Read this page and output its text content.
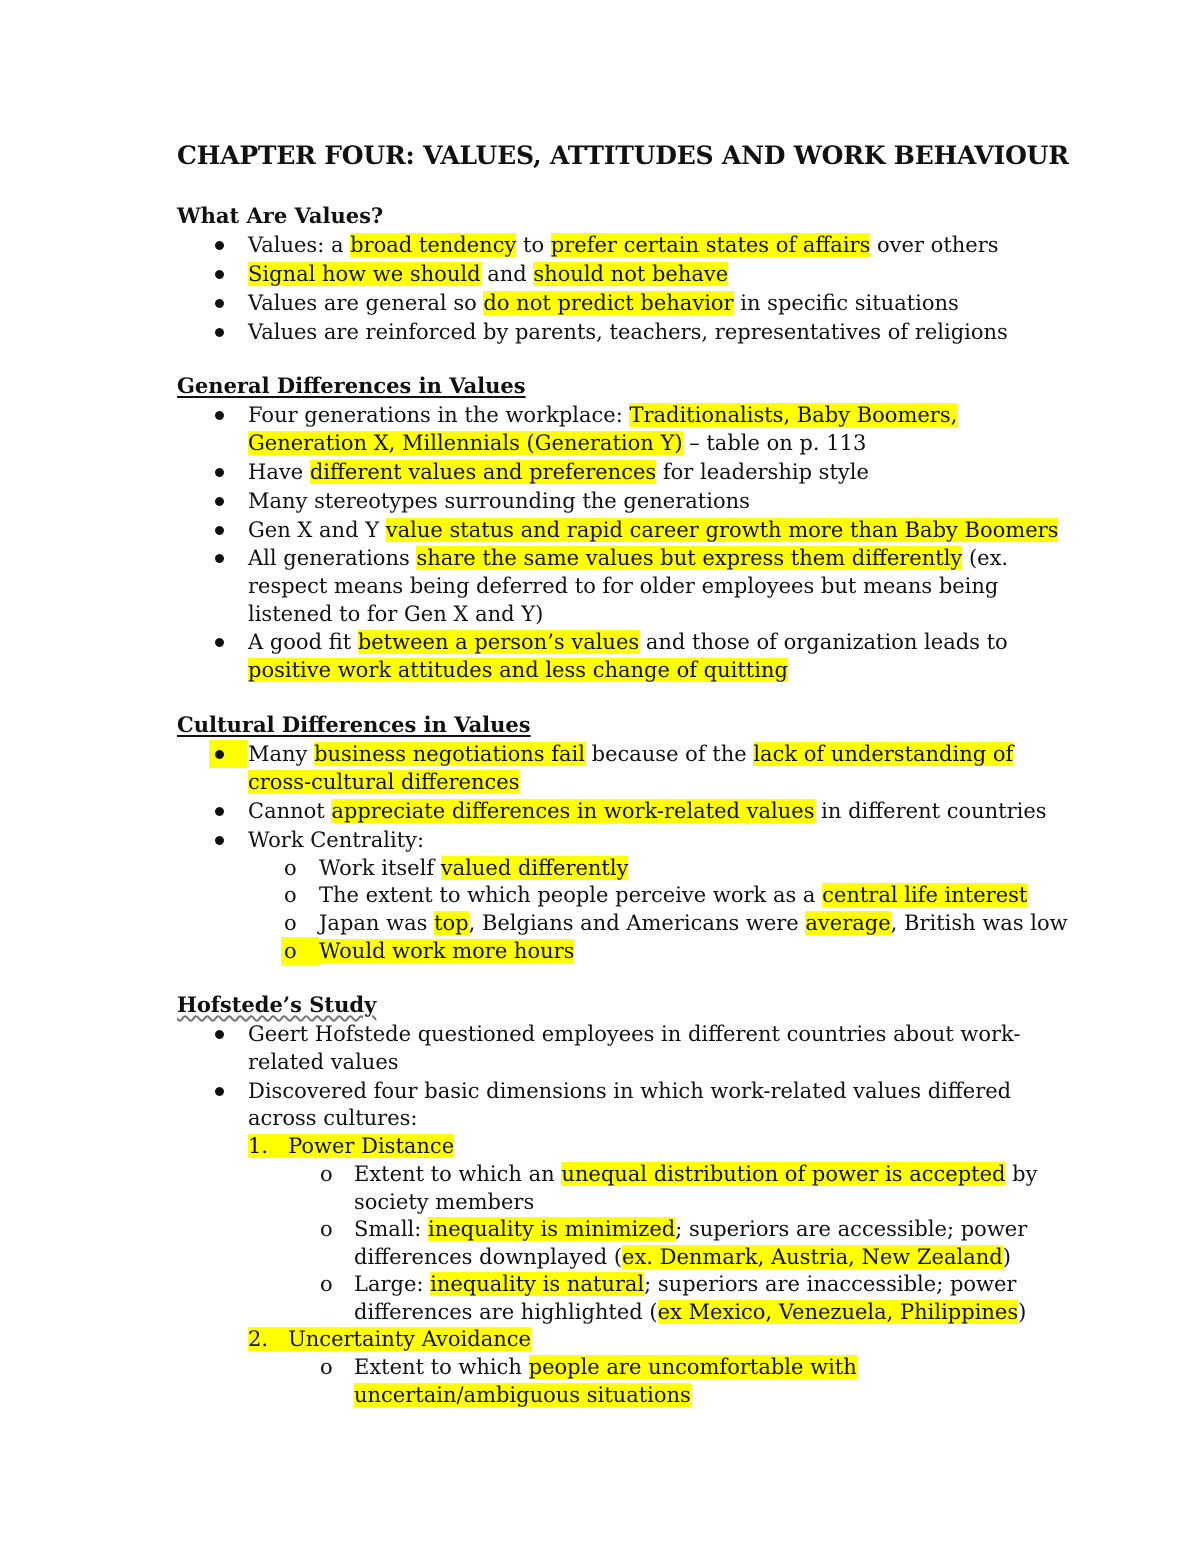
CHAPTER FOUR: VALUES, ATTITUDES AND WORK BEHAVIOUR
What Are Values?

Values: a broad tendency to prefer certain states of affairs over others

Signal how we should and should not behave

Values are general so do not predict behavior in specific situations

Values are reinforced by parents, teachers, representatives of religions

General Differences in Values

Four generations in the workplace: Traditionalists, Baby Boomers,

Generation X, Millennials (Generation Y) – table on p. 113

Have different values and preferences for leadership style

Many stereotypes surrounding the generations

Gen X and Y value status and rapid career growth more than Baby Boomers

All generations share the same values but express them differently (ex.

respect means being deferred to for older employees but means being

listened to for Gen X and Y)

A good fit between a person’s values and those of organization leads to

positive work attitudes and less change of quitting

Cultural Differences in Values

Many business negotiations fail because of the lack of understanding of

cross-cultural differences

Cannot appreciate differences in work-related values in different countries

Work Centrality:

o Work itself valued differently

o The extent to which people perceive work as a central life interest

o Japan was top, Belgians and Americans were average, British was low

o Would work more hours

Hofstede’s Study

Geert Hofstede questioned employees in different countries about work-

related values

Discovered four basic dimensions in which work-related values differed

across cultures:

1. Power Distance

o Extent to which an unequal distribution of power is accepted by

society members

o Small: inequality is minimized; superiors are accessible; power

differences downplayed (ex. Denmark, Austria, New Zealand)

o Large: inequality is natural; superiors are inaccessible; power

differences are highlighted (ex Mexico, Venezuela, Philippines)

2. Uncertainty Avoidance

o Extent to which people are uncomfortable with

uncertain/ambiguous situations
